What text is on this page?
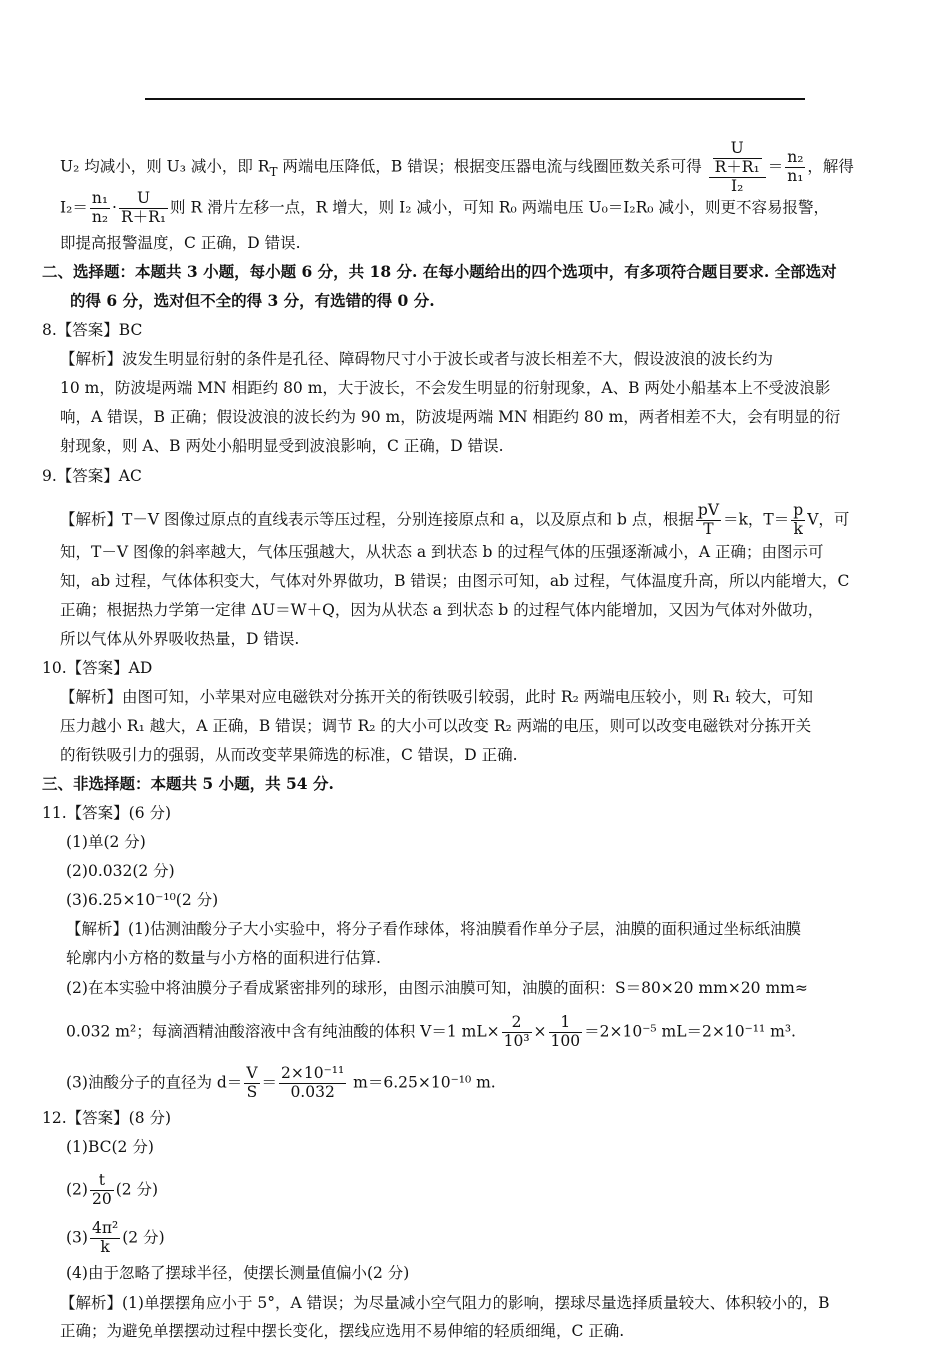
U₂ 均减小，则 U₃ 减小，即 $R_T$ 两端电压降低，B 错误；根据变压器电流与线圈匝数关系可得 $\frac{\frac{U}{\text{R＋R₁}}}{\text{I₂}} = \frac{\text{n₂}}{\text{n₁}}$ ，解得
$I_2= \frac{\text{n₁}}{\text{n₂}} \cdot \frac{U}{\text{R＋R₁}}$ 则 R 滑片左移一点，R 增大，则 I₂ 减小，可知 R₀ 两端电压 U₀＝I₂R₀ 减小，则更不容易报警，
即提高报警温度，C 正确，D 错误.
二、选择题：本题共 3 小题，每小题 6 分，共 18 分. 在每小题给出的四个选项中，有多项符合题目要求. 全部选对
的得 6 分，选对但不全的得 3 分，有选错的得 0 分.
8.【答案】BC
【解析】波发生明显衍射的条件是孔径、障碍物尺寸小于波长或者与波长相差不大，假设波浪的波长约为
10 m，防波堤两端 MN 相距约 80 m，大于波长，不会发生明显的衍射现象，A、B 两处小船基本上不受波浪影
响，A 错误，B 正确；假设波浪的波长约为 90 m，防波堤两端 MN 相距约 80 m，两者相差不大，会有明显的衍
射现象，则 A、B 两处小船明显受到波浪影响，C 正确，D 错误.
9.【答案】AC
【解析】T－V 图像过原点的直线表示等压过程，分别连接原点和 a，以及原点和 b 点，根据 $\frac{pV}{T} =k$，$T= \frac{p}{k}$ V，可
知，T－V 图像的斜率越大，气体压强越大，从状态 a 到状态 b 的过程气体的压强逐渐减小，A 正确；由图示可
知，ab 过程，气体体积变大，气体对外界做功，B 错误；由图示可知，ab 过程，气体温度升高，所以内能增大，C
正确；根据热力学第一定律 ΔU＝W＋Q，因为从状态 a 到状态 b 的过程气体内能增加，又因为气体对外做功，
所以气体从外界吸收热量，D 错误.
10.【答案】AD
【解析】由图可知，小苹果对应电磁铁对分拣开关的衔铁吸引较弱，此时 R₂ 两端电压较小，则 R₁ 较大，可知
压力越小 R₁ 越大，A 正确，B 错误；调节 R₂ 的大小可以改变 R₂ 两端的电压，则可以改变电磁铁对分拣开关
的衔铁吸引力的强弱，从而改变苹果筛选的标准，C 错误，D 正确.
三、非选择题：本题共 5 小题，共 54 分.
11.【答案】(6 分)
(1)单(2 分)
(2)0.032(2 分)
(3)6.25×10⁻¹⁰(2 分)
【解析】(1)估测油酸分子大小实验中，将分子看作球体，将油膜看作单分子层，油膜的面积通过坐标纸油膜
轮廓内小方格的数量与小方格的面积进行估算.
(2)在本实验中将油膜分子看成紧密排列的球形，由图示油膜可知，油膜的面积：S＝80×20 mm×20 mm≈
0.032 m²；每滴酒精油酸溶液中含有纯油酸的体积 V＝1 $mL\times \frac{2}{\text{10³}} \times \frac{1}{100} =2\times 10^{-5}$ mL＝2×10⁻¹¹ m³.
(3)油酸分子的直径为 $d= \frac{V}{S} = \frac{\text{2×10⁻¹¹}}{0.032} m=6.25\times 10^{-10}$ m.
12.【答案】(8 分)
(1)BC(2 分)
$(2) \frac{t}{20} (2$ 分)
$(3) \frac{\text{4π²}}{k} (2$ 分)
(4)由于忽略了摆球半径，使摆长测量值偏小(2 分)
【解析】(1)单摆摆角应小于 5°，A 错误；为尽量减小空气阻力的影响，摆球尽量选择质量较大、体积较小的，B
正确；为避免单摆摆动过程中摆长变化，摆线应选用不易伸缩的轻质细绳，C 正确.
